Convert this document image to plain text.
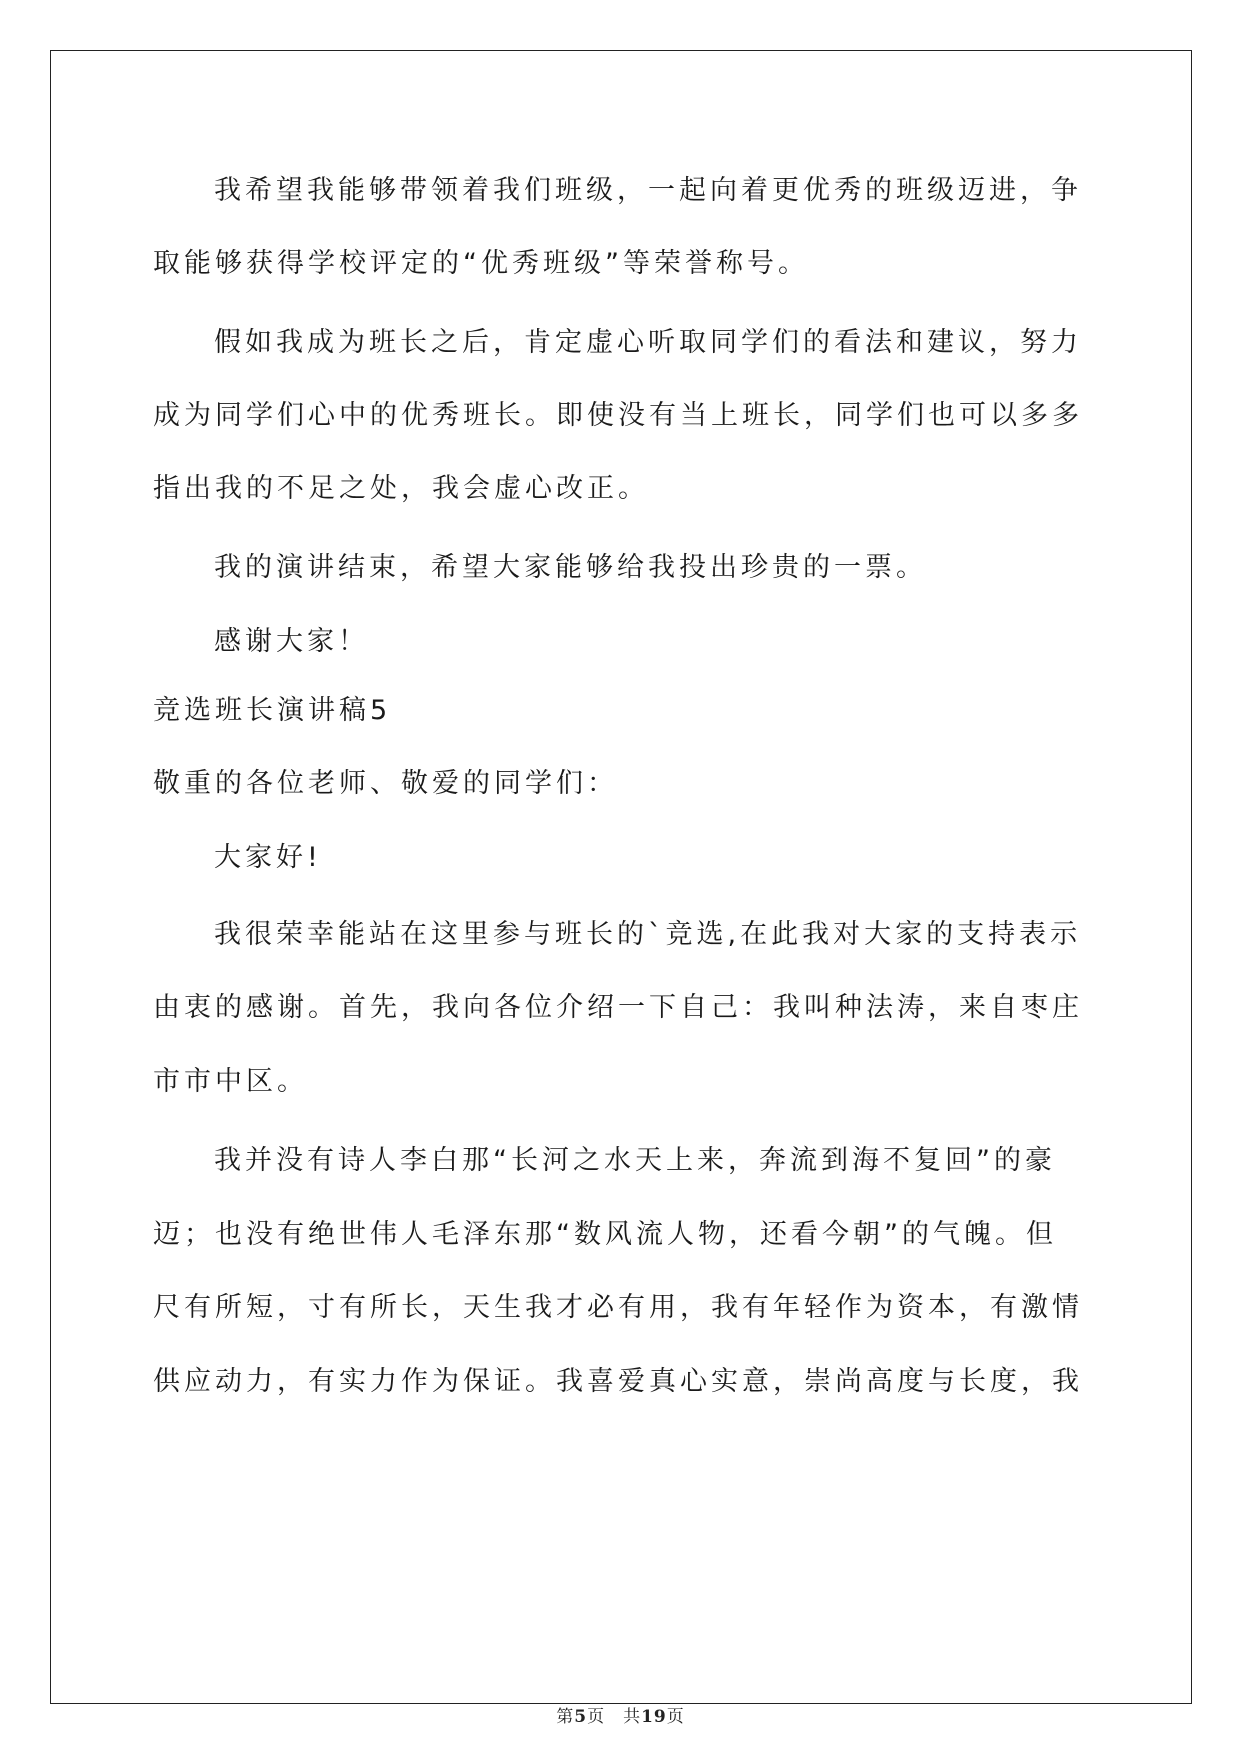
我希望我能够带领着我们班级，一起向着更优秀的班级迈进，争
取能够获得学校评定的“优秀班级”等荣誉称号。
假如我成为班长之后，肯定虚心听取同学们的看法和建议，努力
成为同学们心中的优秀班长。即使没有当上班长，同学们也可以多多
指出我的不足之处，我会虚心改正。
我的演讲结束，希望大家能够给我投出珍贵的一票。
感谢大家！
竞选班长演讲稿5
敬重的各位老师、敬爱的同学们：
大家好!
我很荣幸能站在这里参与班长的`竞选,在此我对大家的支持表示
由衷的感谢。首先，我向各位介绍一下自己：我叫种法涛，来自枣庄
市市中区。
我并没有诗人李白那“长河之水天上来，奔流到海不复回”的豪
迈；也没有绝世伟人毛泽东那“数风流人物，还看今朝”的气魄。但
尺有所短，寸有所长，天生我才必有用，我有年轻作为资本，有激情
供应动力，有实力作为保证。我喜爱真心实意，崇尚高度与长度，我
第5页 共19页
